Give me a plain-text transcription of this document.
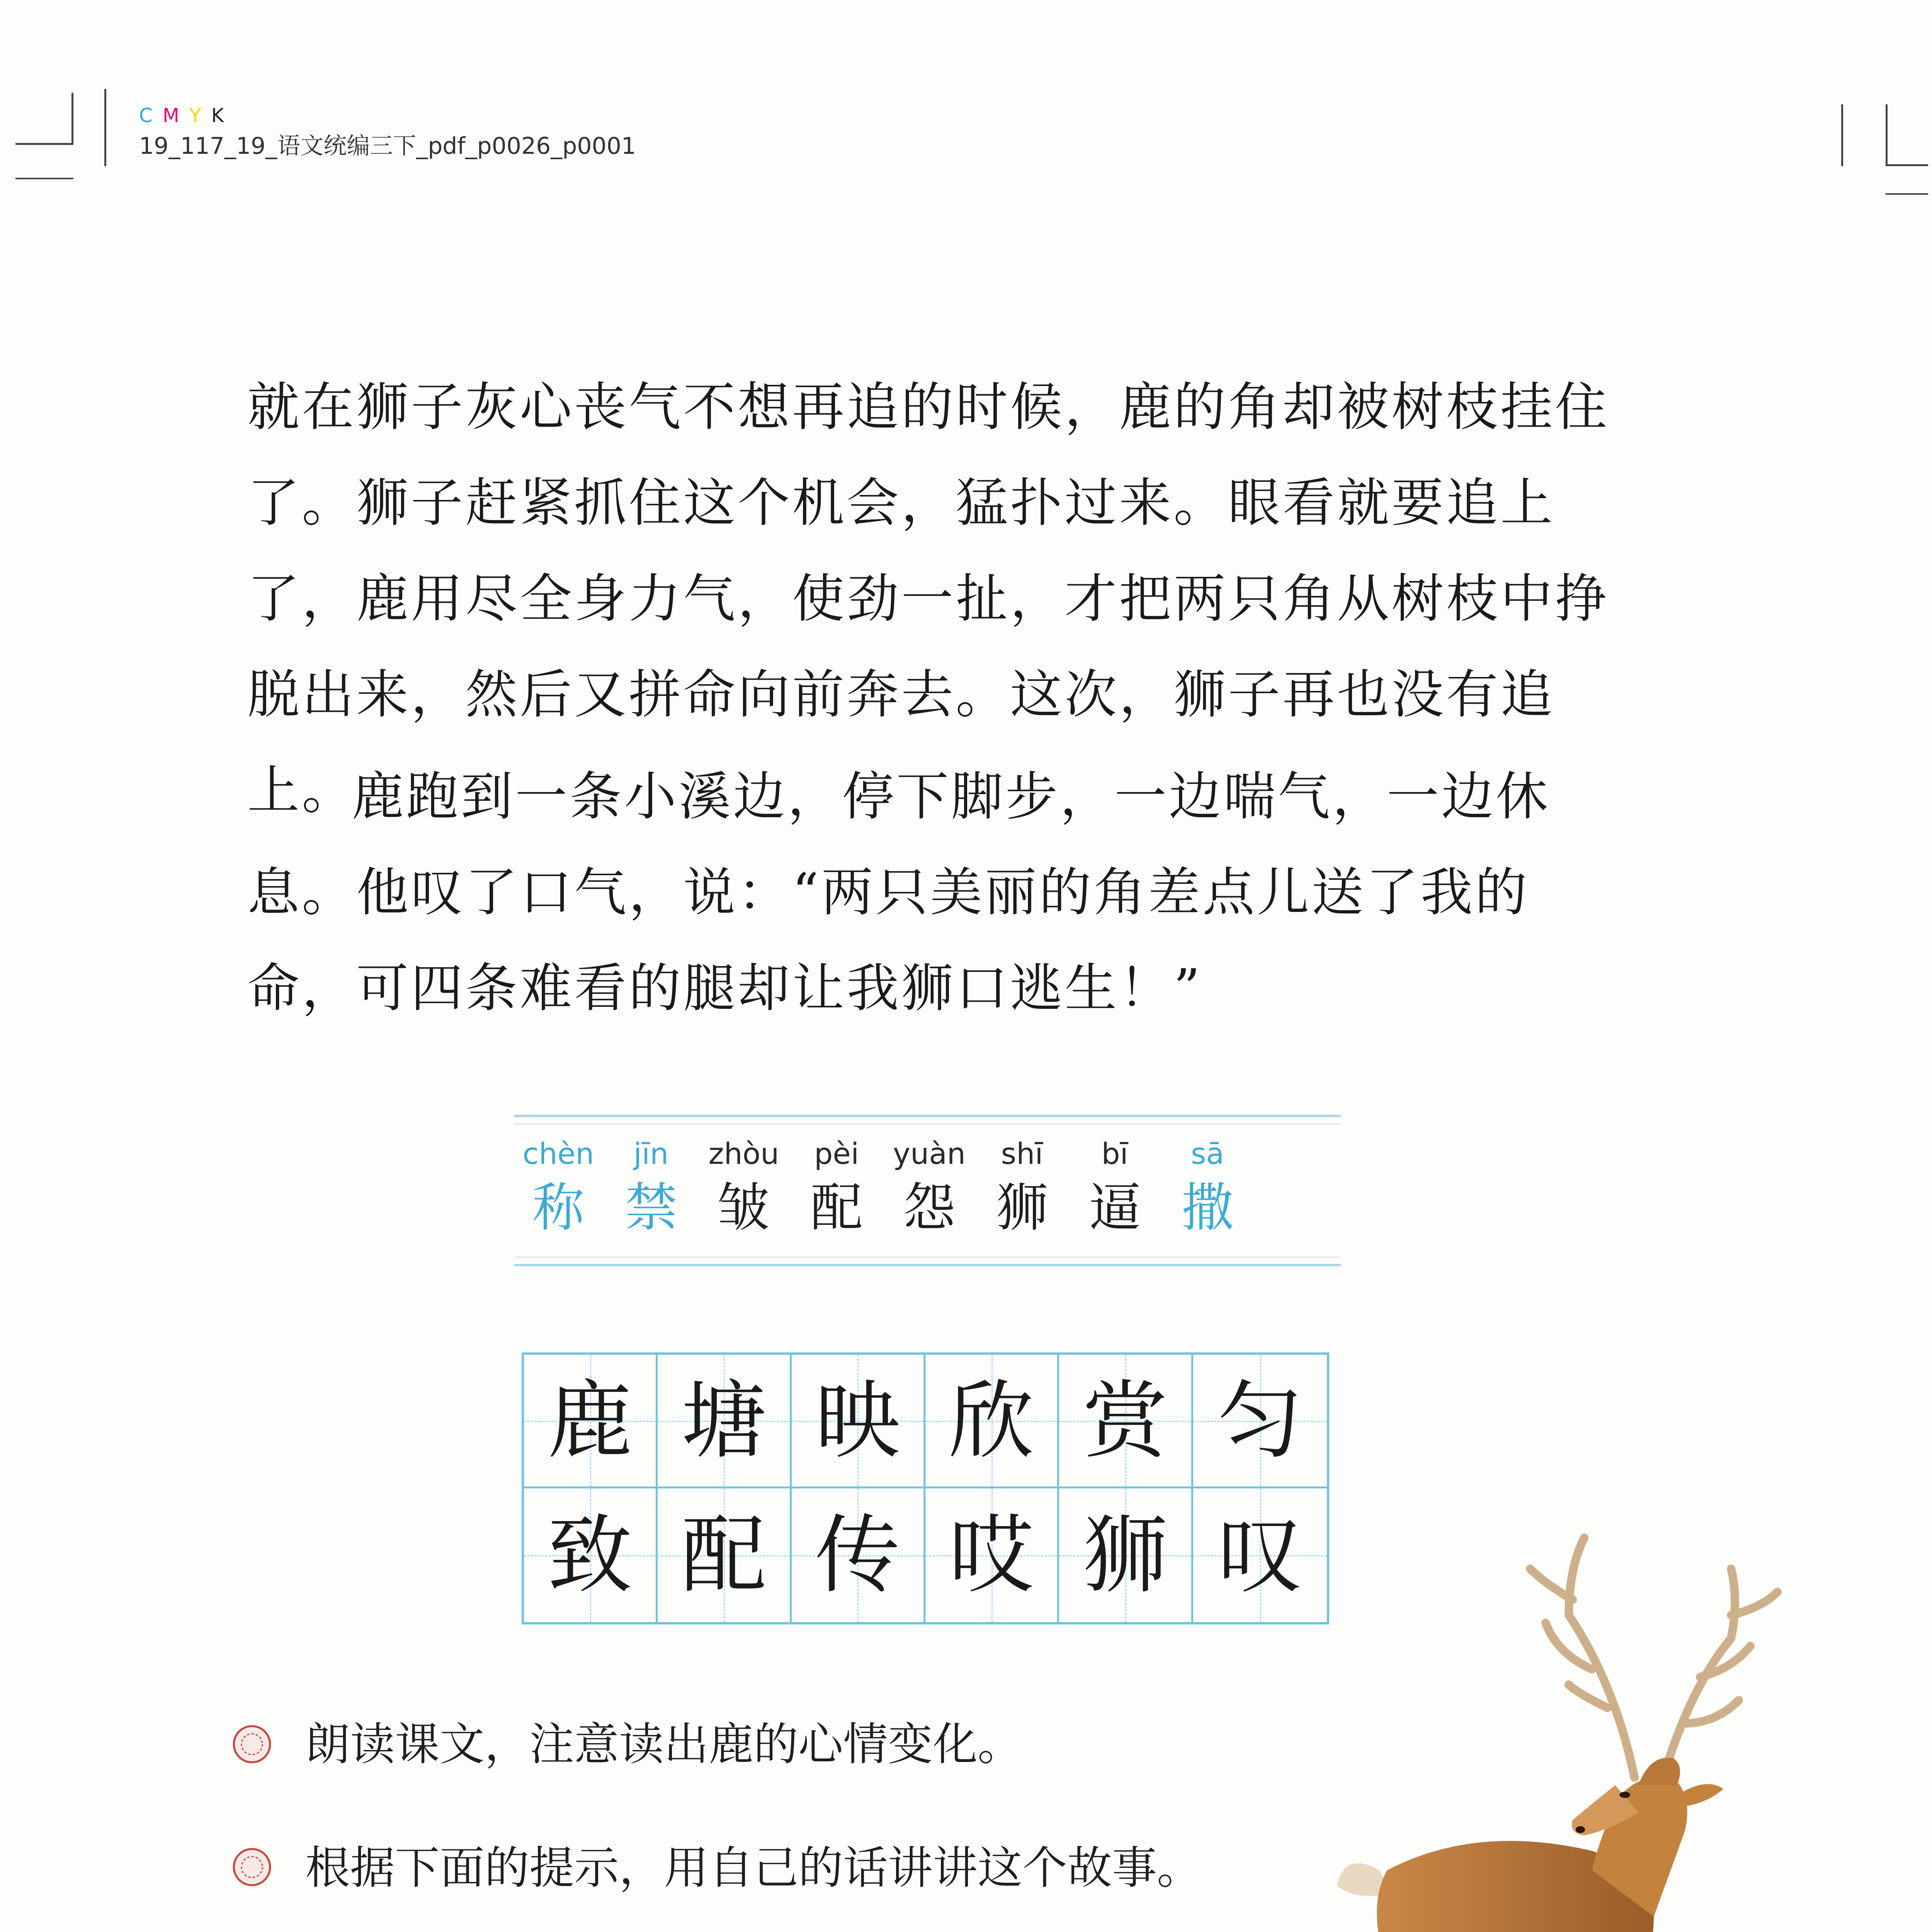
CMYK
19_117_19_语文统编三下_pdf_p0026_p0001
就在狮子灰心丧气不想再追的时候，鹿的角却被树枝挂住了。狮子赶紧抓住这个机会，猛扑过来。眼看就要追上了，鹿用尽全身力气，使劲一扯，才把两只角从树枝中挣脱出来，然后又拼命向前奔去。这次，狮子再也没有追上。
鹿跑到一条小溪边，停下脚步，一边喘气，一边休息。他叹了口气，说：“两只美丽的角差点儿送了我的命，可四条难看的腿却让我狮口逃生！”
chèn
称
jīn
禁
zhòu
皱
pèi
配
yuàn
怨
shī
狮
bī
逼
sā
撒
鹿 塘 映 欣 赏 匀
致 配 传 哎 狮 叹
朗读课文，注意读出鹿的心情变化。
根据下面的提示，用自己的话讲讲这个故事。
